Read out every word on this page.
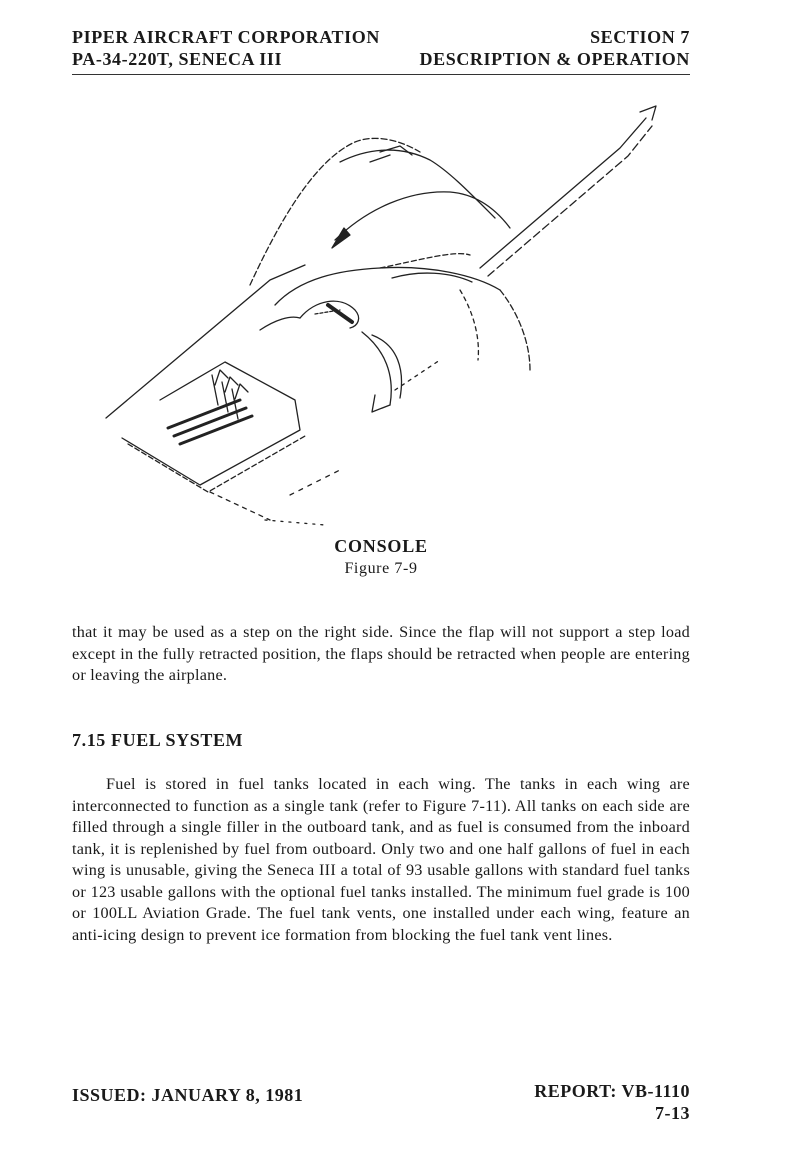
PIPER AIRCRAFT CORPORATION
PA-34-220T, SENECA III
SECTION 7
DESCRIPTION & OPERATION
CONSOLE
Figure 7-9
that it may be used as a step on the right side. Since the flap will not support a step load except in the fully retracted position, the flaps should be retracted when people are entering or leaving the airplane.
7.15 FUEL SYSTEM
Fuel is stored in fuel tanks located in each wing. The tanks in each wing are interconnected to function as a single tank (refer to Figure 7-11). All tanks on each side are filled through a single filler in the outboard tank, and as fuel is consumed from the inboard tank, it is replenished by fuel from outboard. Only two and one half gallons of fuel in each wing is unusable, giving the Seneca III a total of 93 usable gallons with standard fuel tanks or 123 usable gallons with the optional fuel tanks installed. The minimum fuel grade is 100 or 100LL Aviation Grade. The fuel tank vents, one installed under each wing, feature an anti-icing design to prevent ice formation from blocking the fuel tank vent lines.
ISSUED: JANUARY 8, 1981	REPORT: VB-1110
7-13
